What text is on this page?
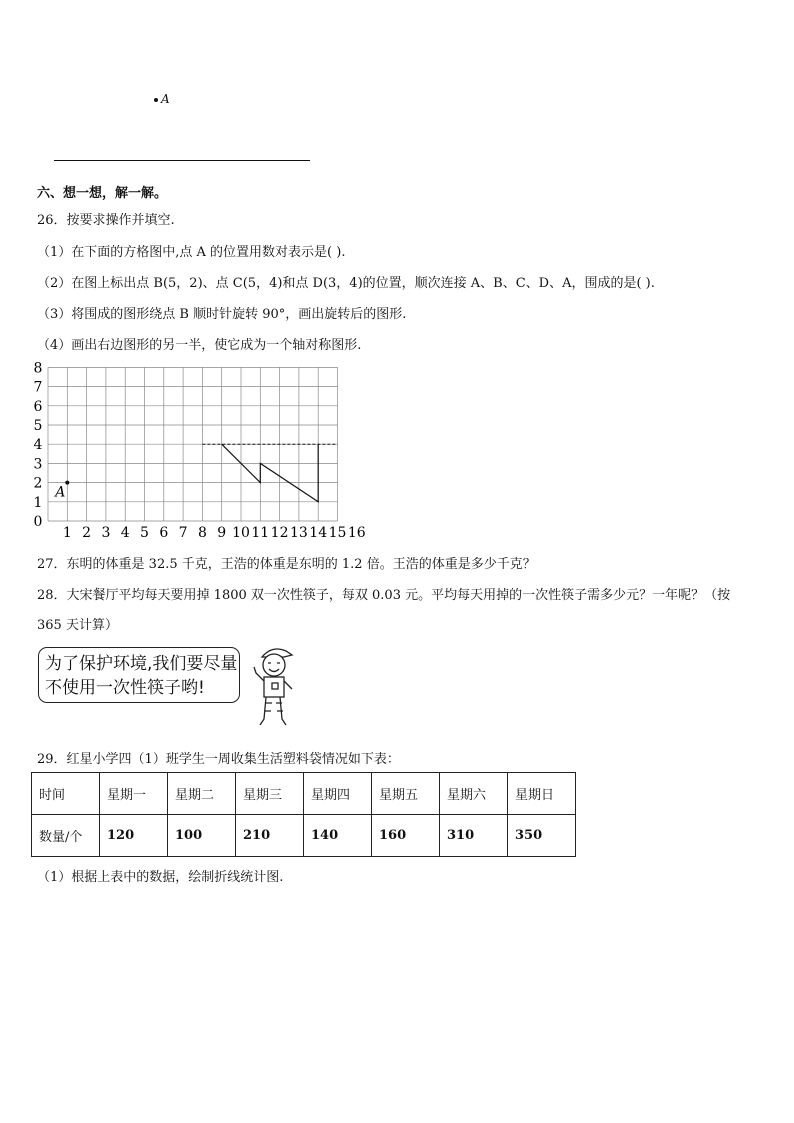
A
六、想一想，解一解。
26．按要求操作并填空.
（1）在下面的方格图中,点 A 的位置用数对表示是( ).
（2）在图上标出点 B(5，2)、点 C(5，4)和点 D(3，4)的位置，顺次连接 A、B、C、D、A，围成的是( ).
（3）将围成的图形绕点 B 顺时针旋转 90°，画出旋转后的图形.
（4）画出右边图形的另一半，使它成为一个轴对称图形.
1 2 3 4 5 6 7 8 9 10 11 12 13 14 15 16
0
1
2
3
4
5
6
7
8
A
27．东明的体重是 32.5 千克，王浩的体重是东明的 1.2 倍。王浩的体重是多少千克？
28．大宋餐厅平均每天要用掉 1800 双一次性筷子，每双 0.03 元。平均每天用掉的一次性筷子需多少元？一年呢？（按
365 天计算）
为了保护环境,我们要尽量
不使用一次性筷子哟!
29．红星小学四（1）班学生一周收集生活塑料袋情况如下表：
时间	星期一	星期二	星期三	星期四	星期五	星期六	星期日
数量/个	120	100	210	140	160	310	350
（1）根据上表中的数据，绘制折线统计图.
